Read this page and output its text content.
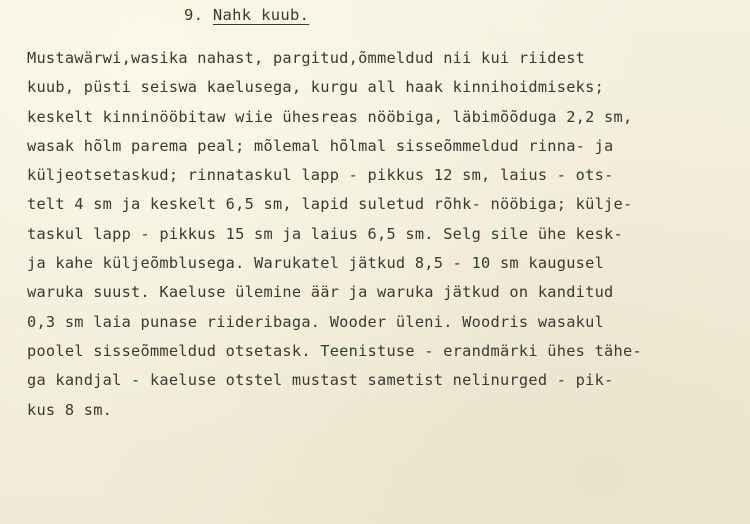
9. Nahk kuub.
Mustawärwi,wasika nahast, pargitud,õmmeldud nii kui riidest
kuub, püsti seiswa kaelusega, kurgu all haak kinnihoidmiseks;
keskelt kinninööbitaw wiie ühesreas nööbiga, läbimõõduga 2,2 sm,
wasak hõlm parema peal; mõlemal hõlmal sisseõmmeldud rinna- ja
küljeotsetaskud; rinnataskul lapp - pikkus 12 sm, laius - ots-
telt 4 sm ja keskelt 6,5 sm, lapid suletud rõhk- nööbiga; külje-
taskul lapp - pikkus 15 sm ja laius 6,5 sm. Selg sile ühe kesk-
ja kahe küljeõmblusega. Warukatel jätkud 8,5 - 10 sm kaugusel
waruka suust. Kaeluse ülemine äär ja waruka jätkud on kanditud
0,3 sm laia punase riideribaga. Wooder üleni. Woodris wasakul
poolel sisseõmmeldud otsetask. Teenistuse - erandmärki ühes tähe-
ga kandjal - kaeluse otstel mustast sametist nelinurged - pik-
kus 8 sm.
